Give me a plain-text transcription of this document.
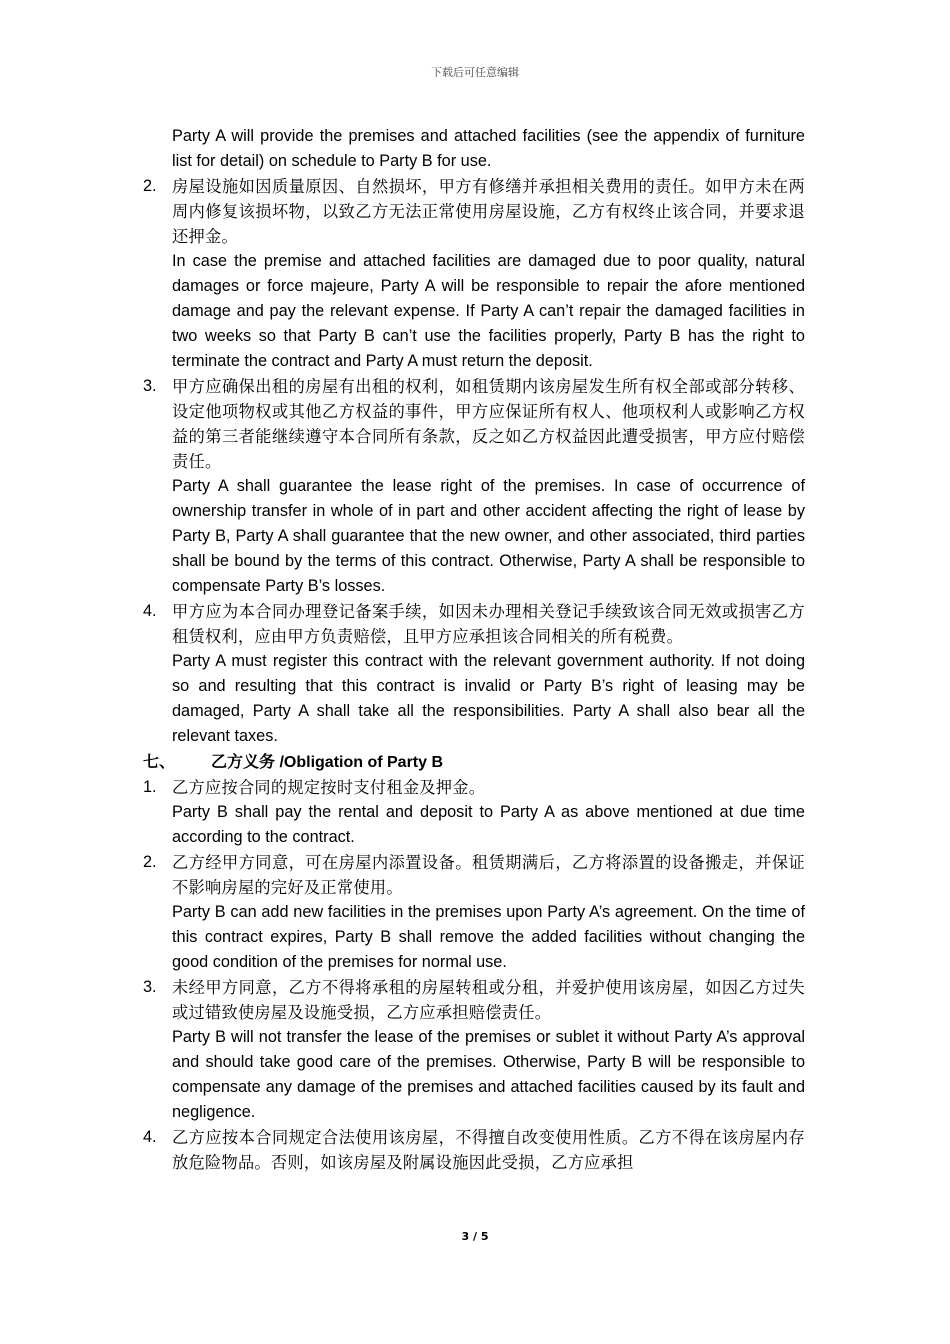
下载后可任意编辑

Party A will provide the premises and attached facilities (see the appendix of furniture list for detail) on schedule to Party B for use.

2. 房屋设施如因质量原因、自然损坏，甲方有修缮并承担相关费用的责任。如甲方未在两周内修复该损坏物，以致乙方无法正常使用房屋设施，乙方有权终止该合同，并要求退还押金。

In case the premise and attached facilities are damaged due to poor quality, natural damages or force majeure, Party A will be responsible to repair the afore mentioned damage and pay the relevant expense. If Party A can’t repair the damaged facilities in two weeks so that Party B can’t use the facilities properly, Party B has the right to terminate the contract and Party A must return the deposit.

3. 甲方应确保出租的房屋有出租的权利，如租赁期内该房屋发生所有权全部或部分转移、设定他项物权或其他乙方权益的事件，甲方应保证所有权人、他项权利人或影响乙方权益的第三者能继续遵守本合同所有条款，反之如乙方权益因此遭受损害，甲方应付赔偿责任。

Party A shall guarantee the lease right of the premises. In case of occurrence of ownership transfer in whole of in part and other accident affecting the right of lease by Party B, Party A shall guarantee that the new owner, and other associated, third parties shall be bound by the terms of this contract. Otherwise, Party A shall be responsible to compensate Party B’s losses.

4. 甲方应为本合同办理登记备案手续，如因未办理相关登记手续致该合同无效或损害乙方租赁权利，应由甲方负责赔偿，且甲方应承担该合同相关的所有税费。

Party A must register this contract with the relevant government authority. If not doing so and resulting that this contract is invalid or Party B’s right of leasing may be damaged, Party A shall take all the responsibilities. Party A shall also bear all the relevant taxes.

七、 乙方义务 /Obligation of Party B

1. 乙方应按合同的规定按时支付租金及押金。

Party B shall pay the rental and deposit to Party A as above mentioned at due time according to the contract.

2. 乙方经甲方同意，可在房屋内添置设备。租赁期满后，乙方将添置的设备搬走，并保证不影响房屋的完好及正常使用。

Party B can add new facilities in the premises upon Party A’s agreement. On the time of this contract expires, Party B shall remove the added facilities without changing the good condition of the premises for normal use.

3. 未经甲方同意，乙方不得将承租的房屋转租或分租，并爱护使用该房屋，如因乙方过失或过错致使房屋及设施受损，乙方应承担赔偿责任。

Party B will not transfer the lease of the premises or sublet it without Party A’s approval and should take good care of the premises. Otherwise, Party B will be responsible to compensate any damage of the premises and attached facilities caused by its fault and negligence.

4. 乙方应按本合同规定合法使用该房屋，不得擅自改变使用性质。乙方不得在该房屋内存放危险物品。否则，如该房屋及附属设施因此受损，乙方应承担

3 / 5
